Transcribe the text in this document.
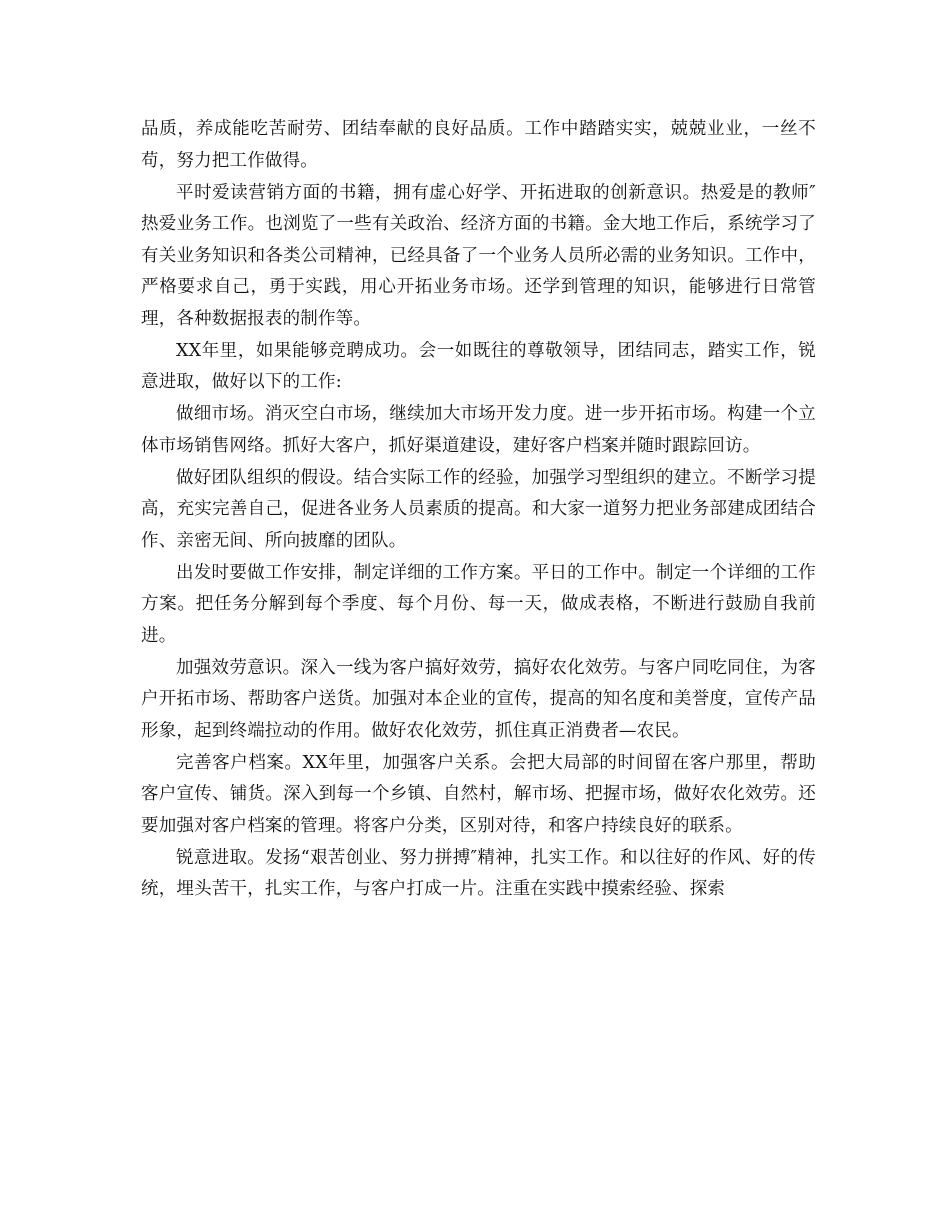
品质，养成能吃苦耐劳、团结奉献的良好品质。工作中踏踏实实，兢兢业业，一丝不苟，努力把工作做得。

平时爱读营销方面的书籍，拥有虚心好学、开拓进取的创新意识。热爱是的教师″热爱业务工作。也浏览了一些有关政治、经济方面的书籍。金大地工作后，系统学习了有关业务知识和各类公司精神，已经具备了一个业务人员所必需的业务知识。工作中，严格要求自己，勇于实践，用心开拓业务市场。还学到管理的知识，能够进行日常管理，各种数据报表的制作等。

XX年里，如果能够竞聘成功。会一如既往的尊敬领导，团结同志，踏实工作，锐意进取，做好以下的工作:

做细市场。消灭空白市场，继续加大市场开发力度。进一步开拓市场。构建一个立体市场销售网络。抓好大客户，抓好渠道建设，建好客户档案并随时跟踪回访。

做好团队组织的假设。结合实际工作的经验，加强学习型组织的建立。不断学习提高，充实完善自己，促进各业务人员素质的提高。和大家一道努力把业务部建成团结合作、亲密无间、所向披靡的团队。

出发时要做工作安排，制定详细的工作方案。平日的工作中。制定一个详细的工作方案。把任务分解到每个季度、每个月份、每一天，做成表格，不断进行鼓励自我前进。

加强效劳意识。深入一线为客户搞好效劳，搞好农化效劳。与客户同吃同住，为客户开拓市场、帮助客户送货。加强对本企业的宣传，提高的知名度和美誉度，宣传产品形象，起到终端拉动的作用。做好农化效劳，抓住真正消费者—农民。

完善客户档案。XX年里，加强客户关系。会把大局部的时间留在客户那里，帮助客户宣传、铺货。深入到每一个乡镇、自然村，解市场、把握市场，做好农化效劳。还要加强对客户档案的管理。将客户分类，区别对待，和客户持续良好的联系。

锐意进取。发扬“艰苦创业、努力拼搏″精神，扎实工作。和以往好的作风、好的传统，埋头苦干，扎实工作，与客户打成一片。注重在实践中摸索经验、探索
